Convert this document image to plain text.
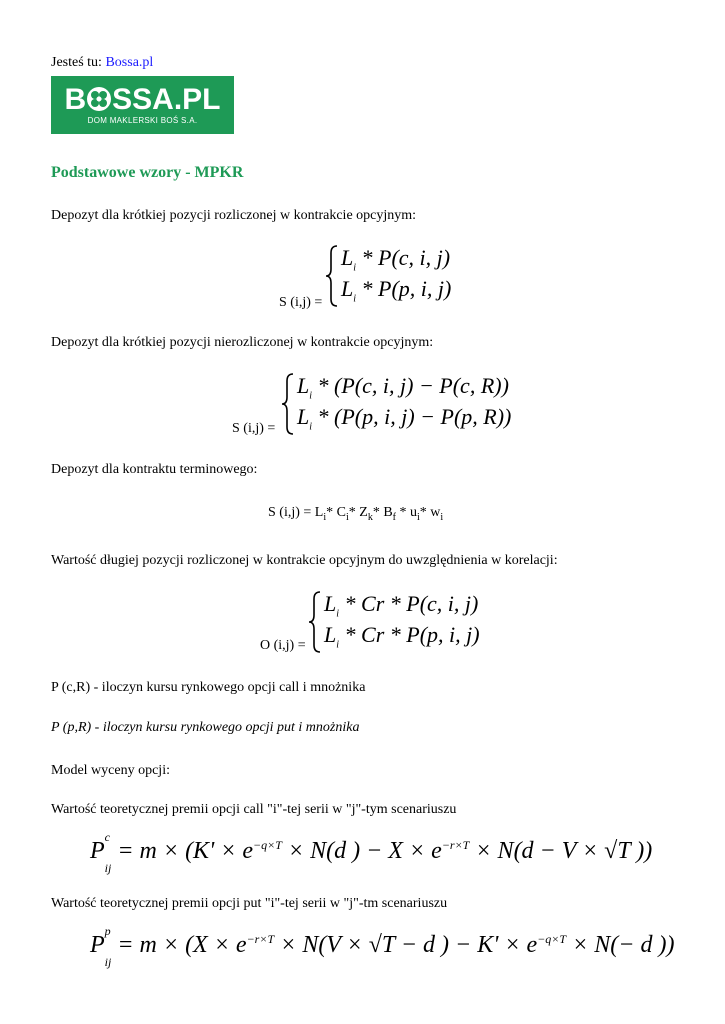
Jesteś tu: Bossa.pl
B SSA.PL
DOM MAKLERSKI BOŚ S.A.
Podstawowe wzory - MPKR
Depozyt dla krótkiej pozycji rozliczonej w kontrakcie opcyjnym:
S (i,j) =
$L_i * P(c$, i, j)
$L_i * P(p$, i, j)
Depozyt dla krótkiej pozycji nierozliczonej w kontrakcie opcyjnym:
S (i,j) =
$L_i * (P(c$, i, j) − P(c, R))
$L_i * (P(p$, i, j) − P(p, R))
Depozyt dla kontraktu terminowego:
S $(i,j) = L_i*$ $C_i*$ $Z_k*$ $B_f * u_i*$ $w_i$
Wartość długiej pozycji rozliczonej w kontrakcie opcyjnym do uwzględnienia w korelacji:
O (i,j) =
$L_i$ * Cr * P(c, i, j)
$L_i$ * Cr * P(p, i, j)
P (c,R) - iloczyn kursu rynkowego opcji call i mnożnika
P (p,R) - iloczyn kursu rynkowego opcji put i mnożnika
Model wyceny opcji:
Wartość teoretycznej premii opcji call "i"-tej serii w "j"-tym scenariuszu
P
c
$_{ij} = m \times (K' \times e^{-q\times T} \times N(d$ ) − $X \times e^{-r\times T} \times N(d - V \times √T$ ))
Wartość teoretycznej premii opcji put "i"-tej serii w "j"-tm scenariuszu
P
p
$_{ij} = m \times (X \times e^{-r\times T} \times N(V \times √T - d$ ) − $K' \times e^{-q\times T} \times N(- d$ ))
